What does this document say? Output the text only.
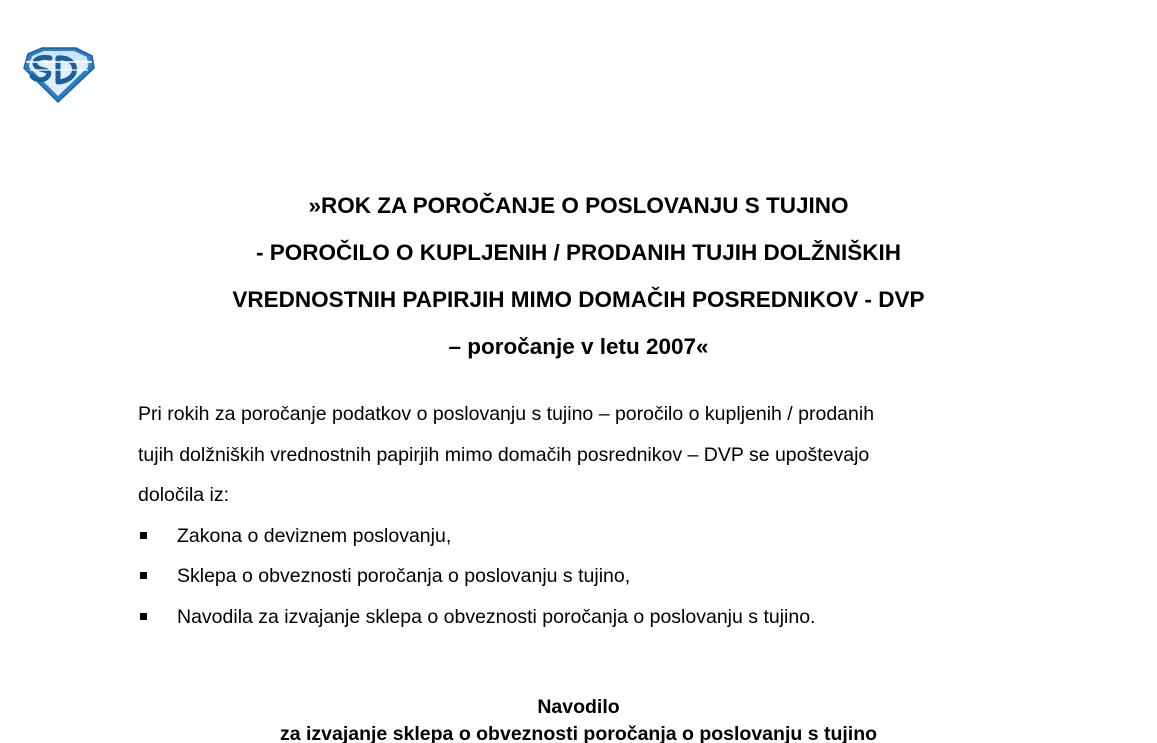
»ROK ZA POROČANJE O POSLOVANJU S TUJINO
- POROČILO O KUPLJENIH / PRODANIH TUJIH DOLŽNIŠKIH
VREDNOSTNIH PAPIRJIH MIMO DOMAČIH POSREDNIKOV - DVP
– poročanje v letu 2007«

Pri rokih za poročanje podatkov o poslovanju s tujino – poročilo o kupljenih / prodanih

tujih dolžniških vrednostnih papirjih mimo domačih posrednikov – DVP se upoštevajo

določila iz:

Zakona o deviznem poslovanju,
Sklepa o obveznosti poročanja o poslovanju s tujino,
Navodila za izvajanje sklepa o obveznosti poročanja o poslovanju s tujino.
Navodilo
za izvajanje sklepa o obveznosti poročanja o poslovanju s tujino
